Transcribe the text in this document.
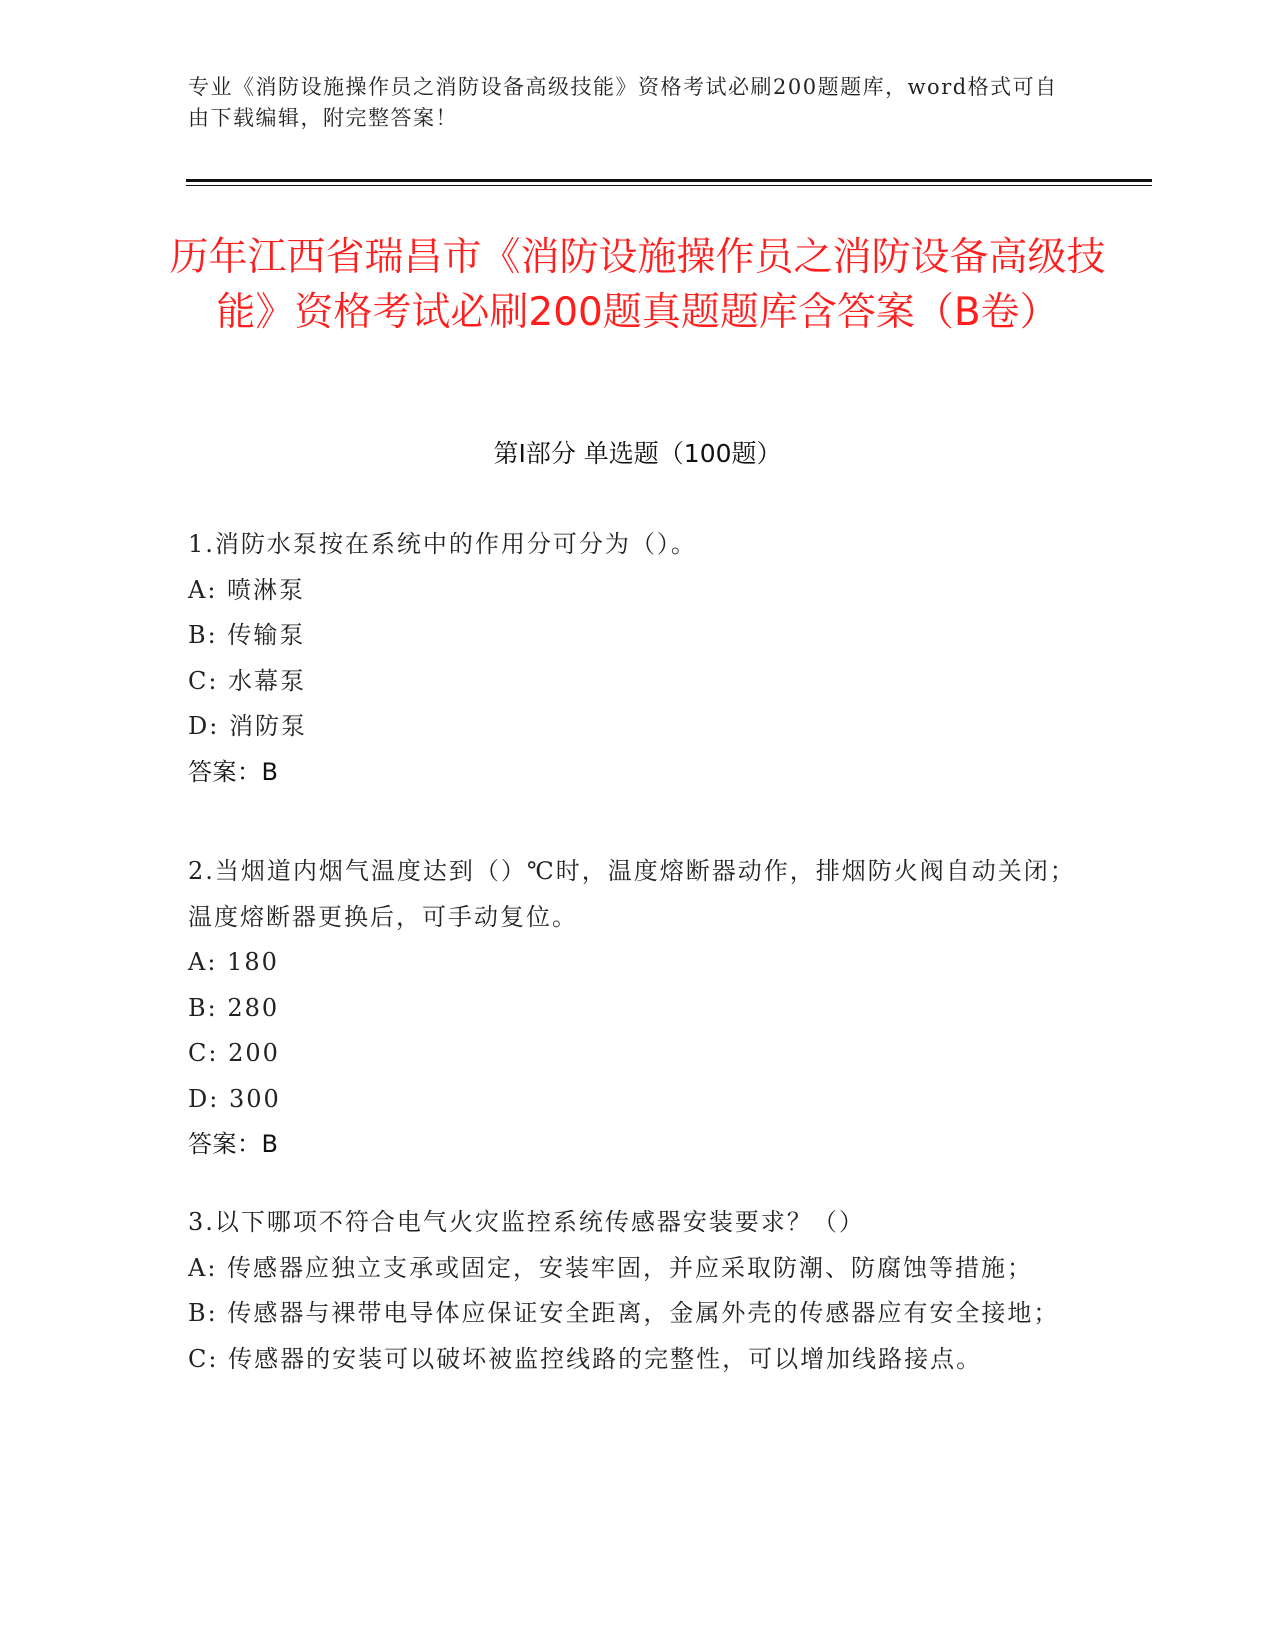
专业《消防设施操作员之消防设备高级技能》资格考试必刷200题题库，word格式可自由下载编辑，附完整答案！
历年江西省瑞昌市《消防设施操作员之消防设备高级技能》资格考试必刷200题真题题库含答案（B卷）
第I部分 单选题（100题）
1.消防水泵按在系统中的作用分可分为（）。
A: 喷淋泵
B: 传输泵
C: 水幕泵
D: 消防泵
答案：B
2.当烟道内烟气温度达到（）℃时，温度熔断器动作，排烟防火阀自动关闭；温度熔断器更换后，可手动复位。
A: 180
B: 280
C: 200
D: 300
答案：B
3.以下哪项不符合电气火灾监控系统传感器安装要求？（）
A: 传感器应独立支承或固定，安装牢固，并应采取防潮、防腐蚀等措施；
B: 传感器与裸带电导体应保证安全距离，金属外壳的传感器应有安全接地；
C: 传感器的安装可以破坏被监控线路的完整性，可以增加线路接点。
